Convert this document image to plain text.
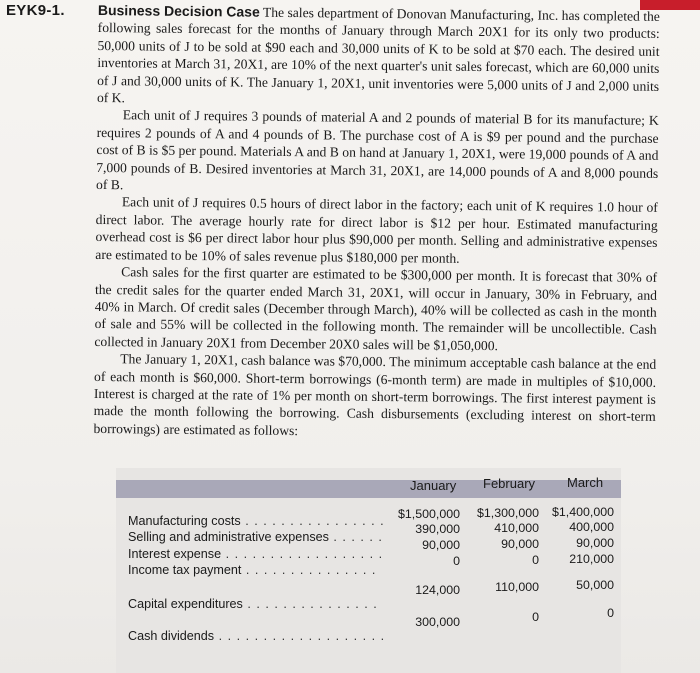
EYK9-1. Business Decision Case The sales department of Donovan Manufacturing, Inc. has completed the following sales forecast for the months of January through March 20X1 for its only two products: 50,000 units of J to be sold at $90 each and 30,000 units of K to be sold at $70 each. The desired unit inventories at March 31, 20X1, are 10% of the next quarter's unit sales forecast, which are 60,000 units of J and 30,000 units of K. The January 1, 20X1, unit inventories were 5,000 units of J and 2,000 units of K.

Each unit of J requires 3 pounds of material A and 2 pounds of material B for its manufacture; K requires 2 pounds of A and 4 pounds of B. The purchase cost of A is $9 per pound and the purchase cost of B is $5 per pound. Materials A and B on hand at January 1, 20X1, were 19,000 pounds of A and 7,000 pounds of B. Desired inventories at March 31, 20X1, are 14,000 pounds of A and 8,000 pounds of B.

Each unit of J requires 0.5 hours of direct labor in the factory; each unit of K requires 1.0 hour of direct labor. The average hourly rate for direct labor is $12 per hour. Estimated manufacturing overhead cost is $6 per direct labor hour plus $90,000 per month. Selling and administrative expenses are estimated to be 10% of sales revenue plus $180,000 per month.

Cash sales for the first quarter are estimated to be $300,000 per month. It is forecast that 30% of the credit sales for the quarter ended March 31, 20X1, will occur in January, 30% in February, and 40% in March. Of credit sales (December through March), 40% will be collected as cash in the month of sale and 55% will be collected in the following month. The remainder will be uncollectible. Cash collected in January 20X1 from December 20X0 sales will be $1,050,000.

The January 1, 20X1, cash balance was $70,000. The minimum acceptable cash balance at the end of each month is $60,000. Short-term borrowings (6-month term) are made in multiples of $10,000. Interest is charged at the rate of 1% per month on short-term borrowings. The first interest payment is made the month following the borrowing. Cash disbursements (excluding interest on short-term borrowings) are estimated as follows:

January February March
Manufacturing costs . . . . . . . . . . . . . . . .
Selling and administrative expenses . . . . . .
Interest expense . . . . . . . . . . . . . . . . . .
Income tax payment . . . . . . . . . . . . . . .
Capital expenditures . . . . . . . . . . . . . . .
Cash dividends . . . . . . . . . . . . . . . . . . .
$1,500,000
390,000
90,000
0
124,000
300,000
$1,300,000
410,000
90,000
0
110,000
0
$1,400,000
400,000
90,000
210,000
50,000
0
